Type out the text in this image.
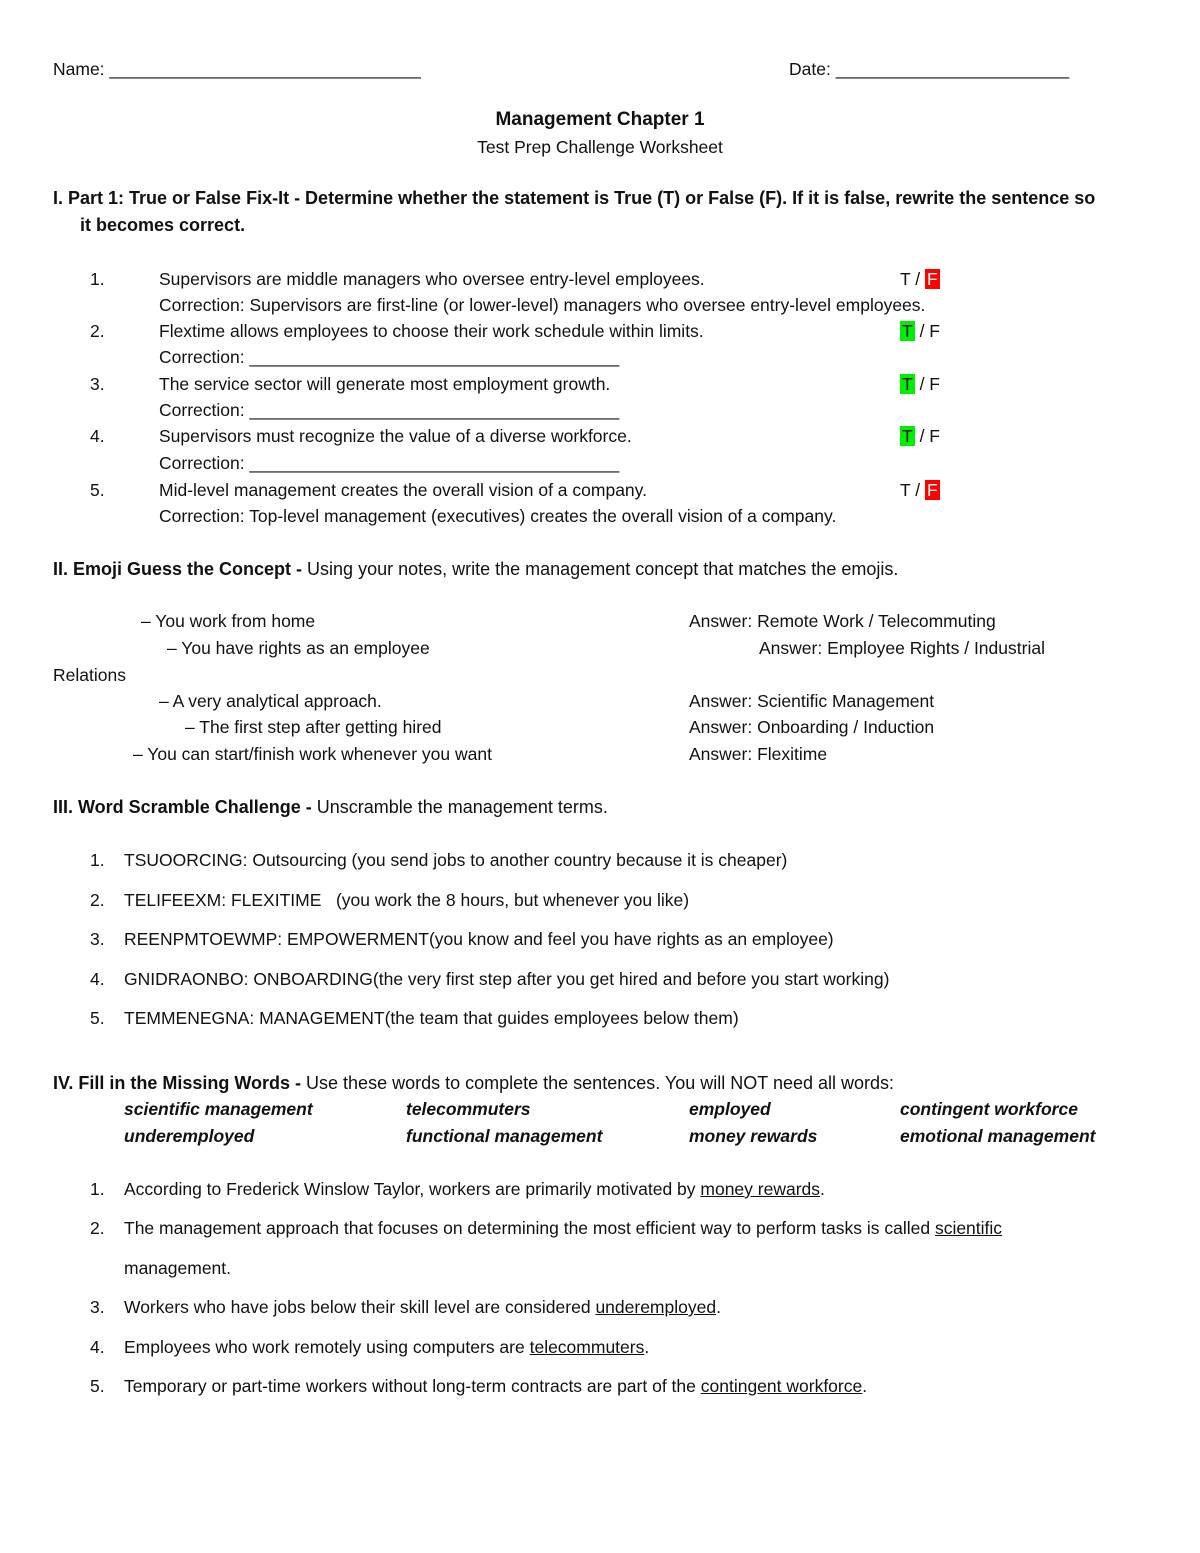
Name: ________________________________	Date: ________________________
Management Chapter 1
Test Prep Challenge Worksheet
I. Part 1: True or False Fix-It - Determine whether the statement is True (T) or False (F). If it is false, rewrite the sentence so
it becomes correct.
1.	Supervisors are middle managers who oversee entry-level employees.	T / F
Correction: Supervisors are first-line (or lower-level) managers who oversee entry-level employees.
2.	Flextime allows employees to choose their work schedule within limits.	T / F
Correction: ______________________________________
3.	The service sector will generate most employment growth.	T / F
Correction: ______________________________________
4.	Supervisors must recognize the value of a diverse workforce.	T / F
Correction: ______________________________________
5.	Mid-level management creates the overall vision of a company.	T / F
Correction: Top-level management (executives) creates the overall vision of a company.
II. Emoji Guess the Concept - Using your notes, write the management concept that matches the emojis.
– You work from home	Answer: Remote Work / Telecommuting
– You have rights as an employee	Answer: Employee Rights / Industrial
Relations
– A very analytical approach.	Answer: Scientific Management
– The first step after getting hired	Answer: Onboarding / Induction
– You can start/finish work whenever you want	Answer: Flexitime
III. Word Scramble Challenge - Unscramble the management terms.
1. TSUOORCING: Outsourcing (you send jobs to another country because it is cheaper)
2. TELIFEEXM: FLEXITIME   (you work the 8 hours, but whenever you like)
3. REENPMTOEWMP: EMPOWERMENT(you know and feel you have rights as an employee)
4. GNIDRAONBO: ONBOARDING(the very first step after you get hired and before you start working)
5. TEMMENEGNA: MANAGEMENT(the team that guides employees below them)
IV. Fill in the Missing Words - Use these words to complete the sentences. You will NOT need all words:
scientific management	telecommuters	employed	contingent workforce
underemployed	functional management	money rewards	emotional management
1. According to Frederick Winslow Taylor, workers are primarily motivated by money rewards.
2. The management approach that focuses on determining the most efficient way to perform tasks is called scientific
management.
3. Workers who have jobs below their skill level are considered underemployed.
4. Employees who work remotely using computers are telecommuters.
5. Temporary or part-time workers without long-term contracts are part of the contingent workforce.
